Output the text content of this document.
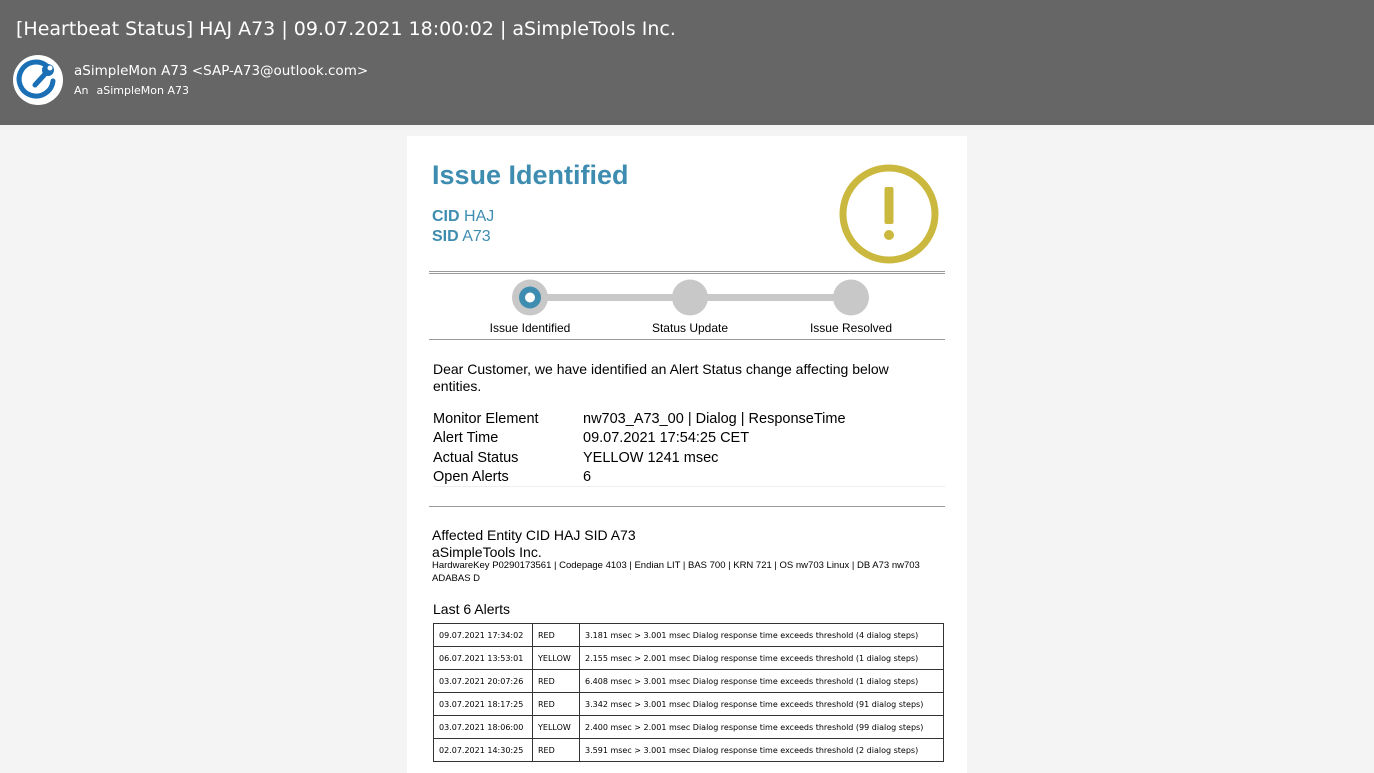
[Heartbeat Status] HAJ A73 | 09.07.2021 18:00:02 | aSimpleTools Inc.
aSimpleMon A73 <SAP-A73@outlook.com>
An aSimpleMon A73
Issue Identified
CID HAJ
SID A73
Issue Identified	Status Update	Issue Resolved
Dear Customer, we have identified an Alert Status change affecting below entities.
Monitor Element	nw703_A73_00 | Dialog | ResponseTime
Alert Time	09.07.2021 17:54:25 CET
Actual Status	YELLOW 1241 msec
Open Alerts	6
Affected Entity CID HAJ SID A73
aSimpleTools Inc.
HardwareKey P0290173561 | Codepage 4103 | Endian LIT | BAS 700 | KRN 721 | OS nw703 Linux | DB A73 nw703 ADABAS D
Last 6 Alerts
09.07.2021 17:34:02	RED	3.181 msec > 3.001 msec Dialog response time exceeds threshold (4 dialog steps)
06.07.2021 13:53:01	YELLOW	2.155 msec > 2.001 msec Dialog response time exceeds threshold (1 dialog steps)
03.07.2021 20:07:26	RED	6.408 msec > 3.001 msec Dialog response time exceeds threshold (1 dialog steps)
03.07.2021 18:17:25	RED	3.342 msec > 3.001 msec Dialog response time exceeds threshold (91 dialog steps)
03.07.2021 18:06:00	YELLOW	2.400 msec > 2.001 msec Dialog response time exceeds threshold (99 dialog steps)
02.07.2021 14:30:25	RED	3.591 msec > 3.001 msec Dialog response time exceeds threshold (2 dialog steps)
